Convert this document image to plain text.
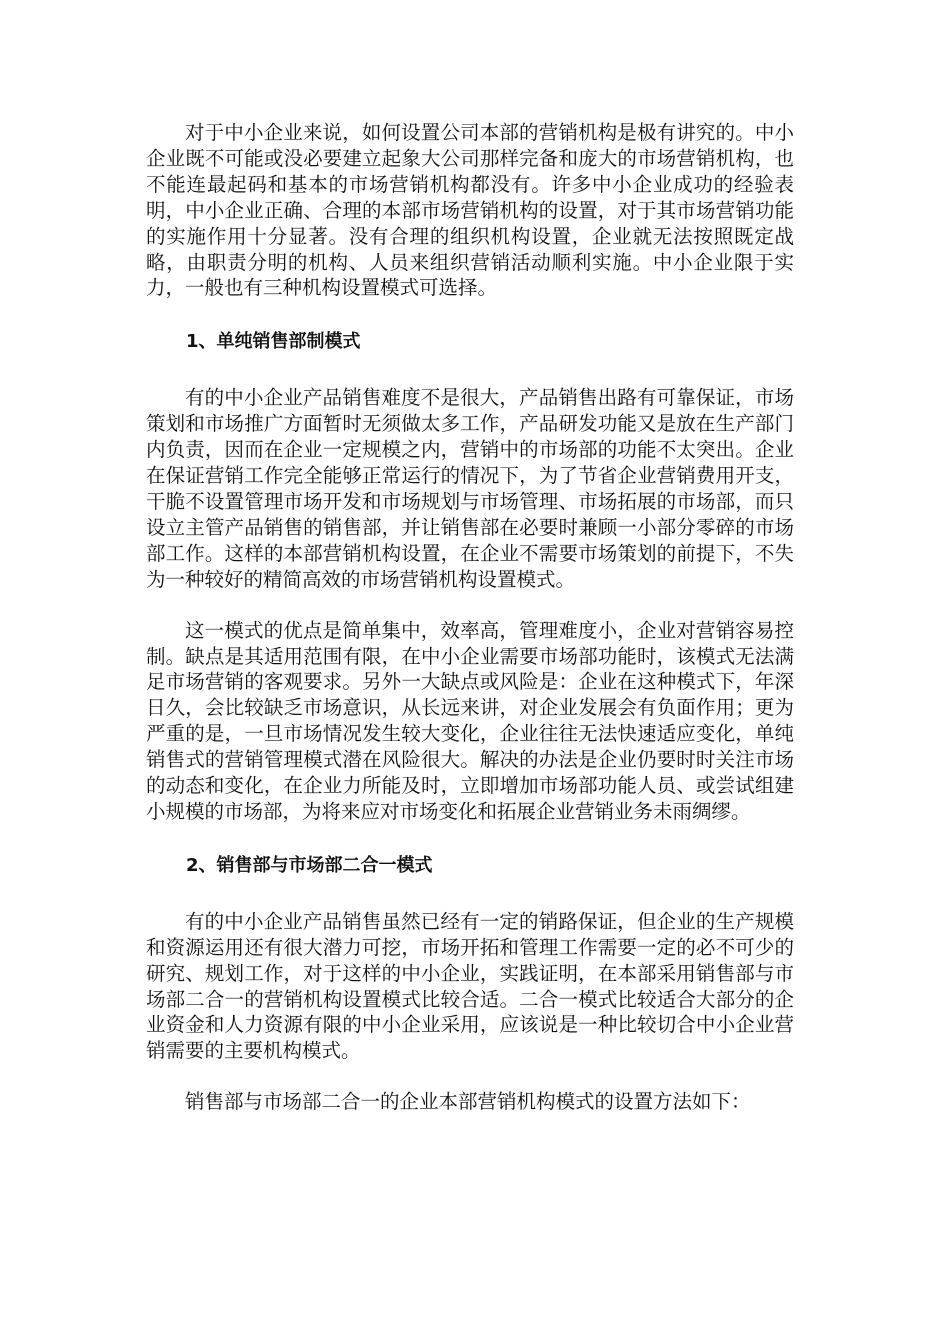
对于中小企业来说，如何设置公司本部的营销机构是极有讲究的。中小企业既不可能或没必要建立起象大公司那样完备和庞大的市场营销机构，也不能连最起码和基本的市场营销机构都没有。许多中小企业成功的经验表明，中小企业正确、合理的本部市场营销机构的设置，对于其市场营销功能的实施作用十分显著。没有合理的组织机构设置，企业就无法按照既定战略，由职责分明的机构、人员来组织营销活动顺利实施。中小企业限于实力，一般也有三种机构设置模式可选择。

1、单纯销售部制模式

有的中小企业产品销售难度不是很大，产品销售出路有可靠保证，市场策划和市场推广方面暂时无须做太多工作，产品研发功能又是放在生产部门内负责，因而在企业一定规模之内，营销中的市场部的功能不太突出。企业在保证营销工作完全能够正常运行的情况下，为了节省企业营销费用开支，干脆不设置管理市场开发和市场规划与市场管理、市场拓展的市场部，而只设立主管产品销售的销售部，并让销售部在必要时兼顾一小部分零碎的市场部工作。这样的本部营销机构设置，在企业不需要市场策划的前提下，不失为一种较好的精简高效的市场营销机构设置模式。

这一模式的优点是简单集中，效率高，管理难度小，企业对营销容易控制。缺点是其适用范围有限，在中小企业需要市场部功能时，该模式无法满足市场营销的客观要求。另外一大缺点或风险是：企业在这种模式下，年深日久，会比较缺乏市场意识，从长远来讲，对企业发展会有负面作用；更为严重的是，一旦市场情况发生较大变化，企业往往无法快速适应变化，单纯销售式的营销管理模式潜在风险很大。解决的办法是企业仍要时时关注市场的动态和变化，在企业力所能及时，立即增加市场部功能人员、或尝试组建小规模的市场部，为将来应对市场变化和拓展企业营销业务未雨绸缪。

2、销售部与市场部二合一模式

有的中小企业产品销售虽然已经有一定的销路保证，但企业的生产规模和资源运用还有很大潜力可挖，市场开拓和管理工作需要一定的必不可少的研究、规划工作，对于这样的中小企业，实践证明，在本部采用销售部与市场部二合一的营销机构设置模式比较合适。二合一模式比较适合大部分的企业资金和人力资源有限的中小企业采用，应该说是一种比较切合中小企业营销需要的主要机构模式。

销售部与市场部二合一的企业本部营销机构模式的设置方法如下：
